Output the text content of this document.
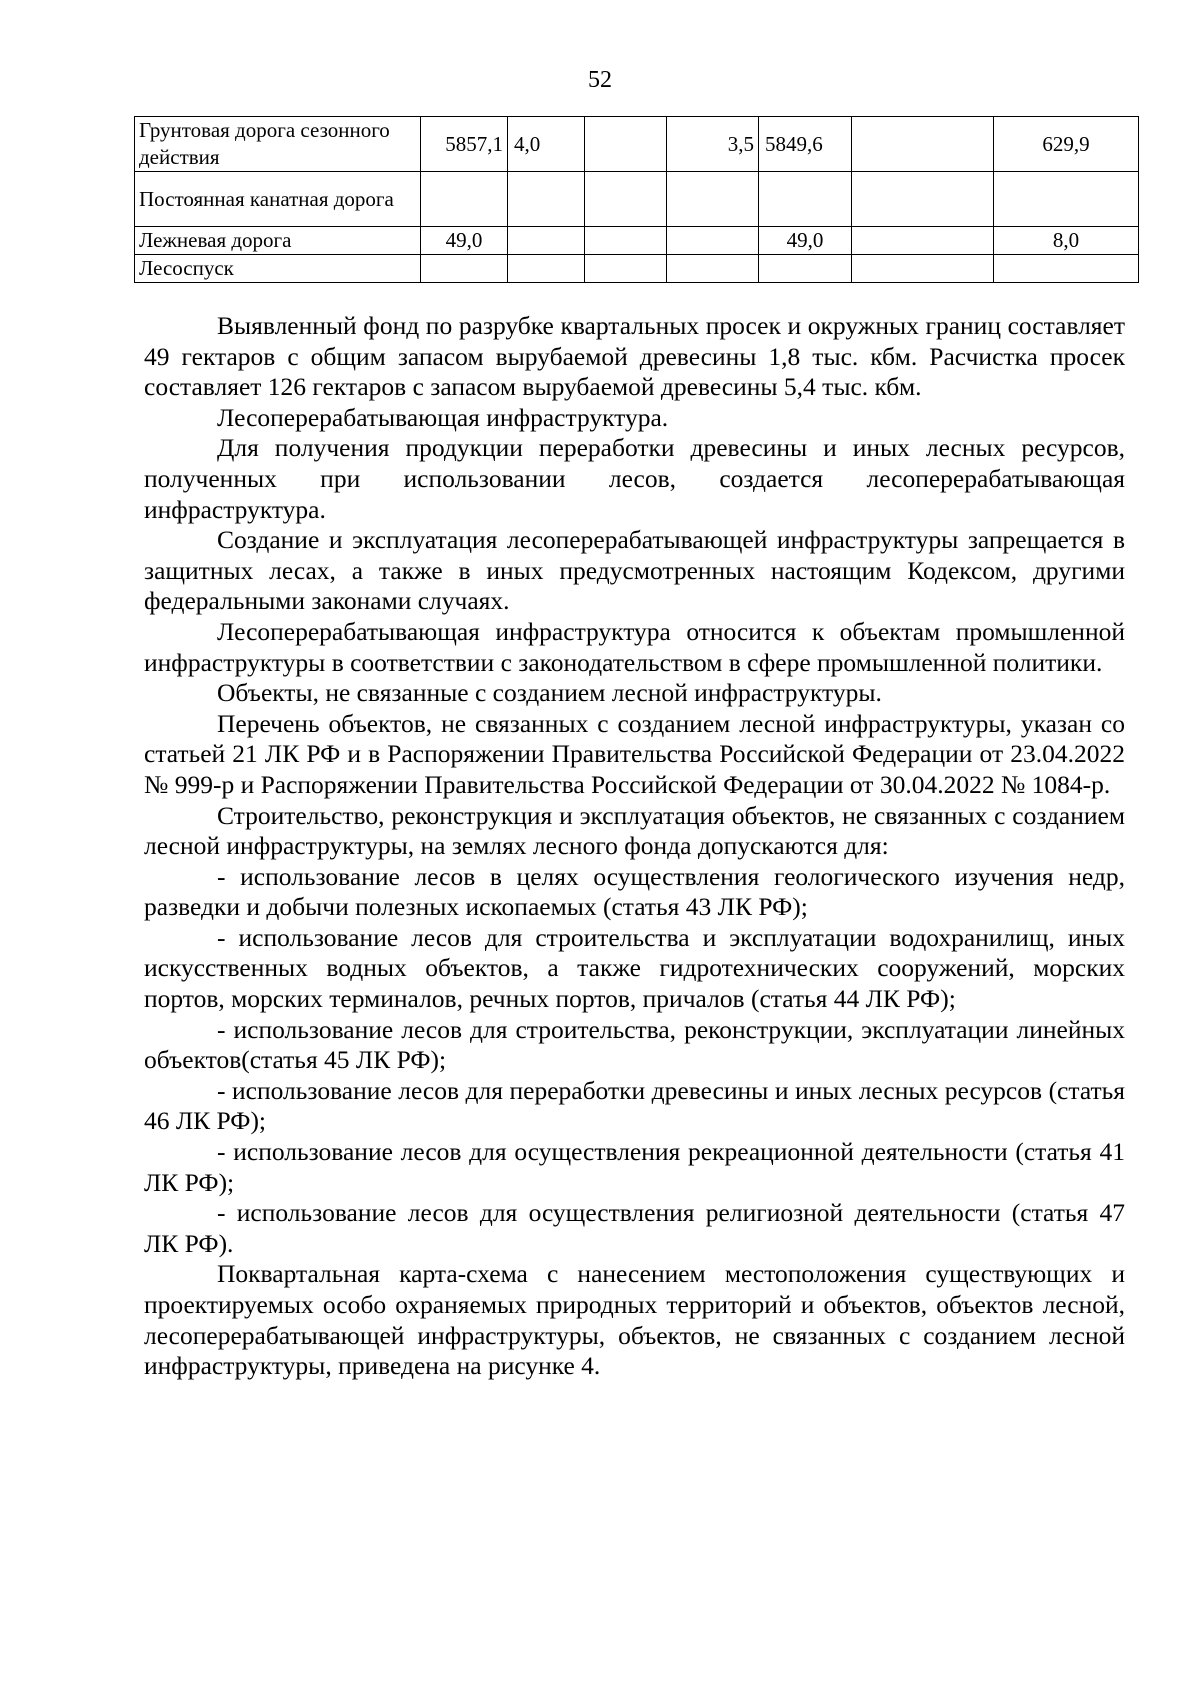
52
Грунтовая дорога сезонного действия	5857,1	4,0		3,5	5849,6		629,9
Постоянная канатная дорога							
Лежневая дорога	49,0				49,0		8,0
Лесоспуск							

Выявленный фонд по разрубке квартальных просек и окружных границ составляет 49 гектаров с общим запасом вырубаемой древесины 1,8 тыс. кбм. Расчистка просек составляет 126 гектаров с запасом вырубаемой древесины 5,4 тыс. кбм.

Лесоперерабатывающая инфраструктура.

Для получения продукции переработки древесины и иных лесных ресурсов, полученных при использовании лесов, создается лесоперерабатывающая инфраструктура.

Создание и эксплуатация лесоперерабатывающей инфраструктуры запрещается в защитных лесах, а также в иных предусмотренных настоящим Кодексом, другими федеральными законами случаях.

Лесоперерабатывающая инфраструктура относится к объектам промышленной инфраструктуры в соответствии с законодательством в сфере промышленной политики.

Объекты, не связанные с созданием лесной инфраструктуры.

Перечень объектов, не связанных с созданием лесной инфраструктуры, указан со статьей 21 ЛК РФ и в Распоряжении Правительства Российской Федерации от 23.04.2022 № 999-р и Распоряжении Правительства Российской Федерации от 30.04.2022 № 1084-р.

Строительство, реконструкция и эксплуатация объектов, не связанных с созданием лесной инфраструктуры, на землях лесного фонда допускаются для:

- использование лесов в целях осуществления геологического изучения недр, разведки и добычи полезных ископаемых (статья 43 ЛК РФ);

- использование лесов для строительства и эксплуатации водохранилищ, иных искусственных водных объектов, а также гидротехнических сооружений, морских портов, морских терминалов, речных портов, причалов (статья 44 ЛК РФ);

- использование лесов для строительства, реконструкции, эксплуатации линейных объектов(статья 45 ЛК РФ);

- использование лесов для переработки древесины и иных лесных ресурсов (статья 46 ЛК РФ);

- использование лесов для осуществления рекреационной деятельности (статья 41 ЛК РФ);

- использование лесов для осуществления религиозной деятельности (статья 47 ЛК РФ).

Поквартальная карта-схема с нанесением местоположения существующих и проектируемых особо охраняемых природных территорий и объектов, объектов лесной, лесоперерабатывающей инфраструктуры, объектов, не связанных с созданием лесной инфраструктуры, приведена на рисунке 4.
